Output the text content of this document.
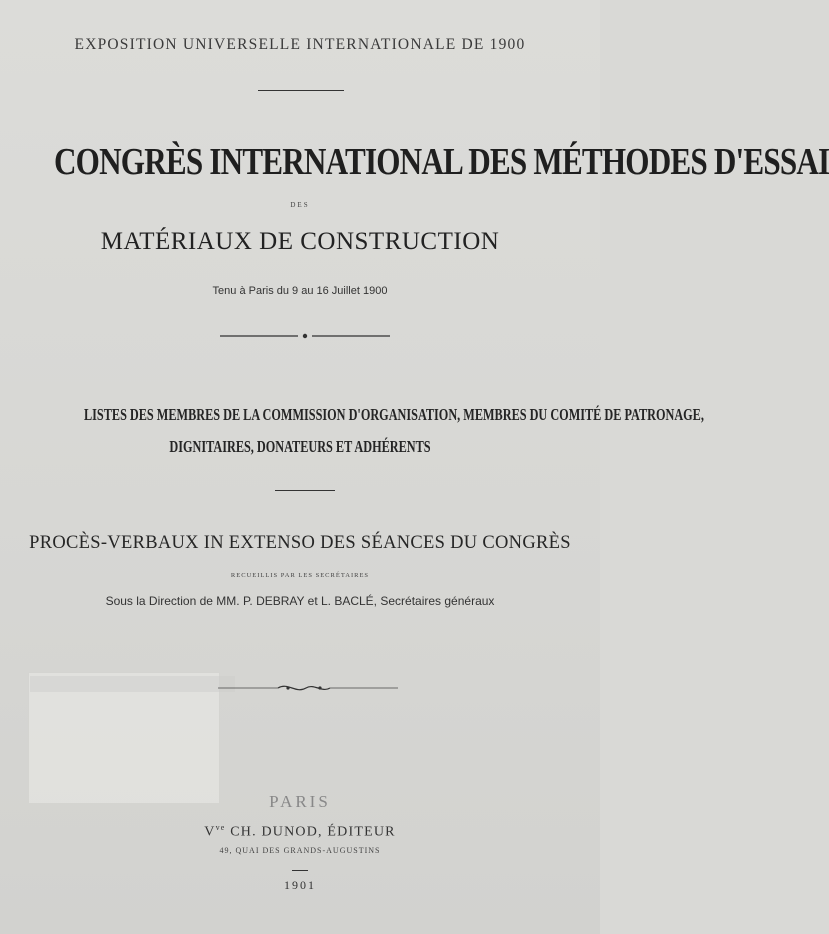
EXPOSITION UNIVERSELLE INTERNATIONALE DE 1900
CONGRÈS INTERNATIONAL DES MÉTHODES D'ESSAI
DES
MATÉRIAUX DE CONSTRUCTION
Tenu à Paris du 9 au 16 Juillet 1900
LISTES DES MEMBRES DE LA COMMISSION D'ORGANISATION, MEMBRES DU COMITÉ DE PATRONAGE,
DIGNITAIRES, DONATEURS ET ADHÉRENTS
PROCÈS-VERBAUX IN EXTENSO DES SÉANCES DU CONGRÈS
RECUEILLIS PAR LES SECRÉTAIRES
Sous la Direction de MM. P. DEBRAY et L. BACLÉ, Secrétaires généraux
PARIS
$V^{ve}$ CH. DUNOD, ÉDITEUR
49, QUAI DES GRANDS-AUGUSTINS
1901
